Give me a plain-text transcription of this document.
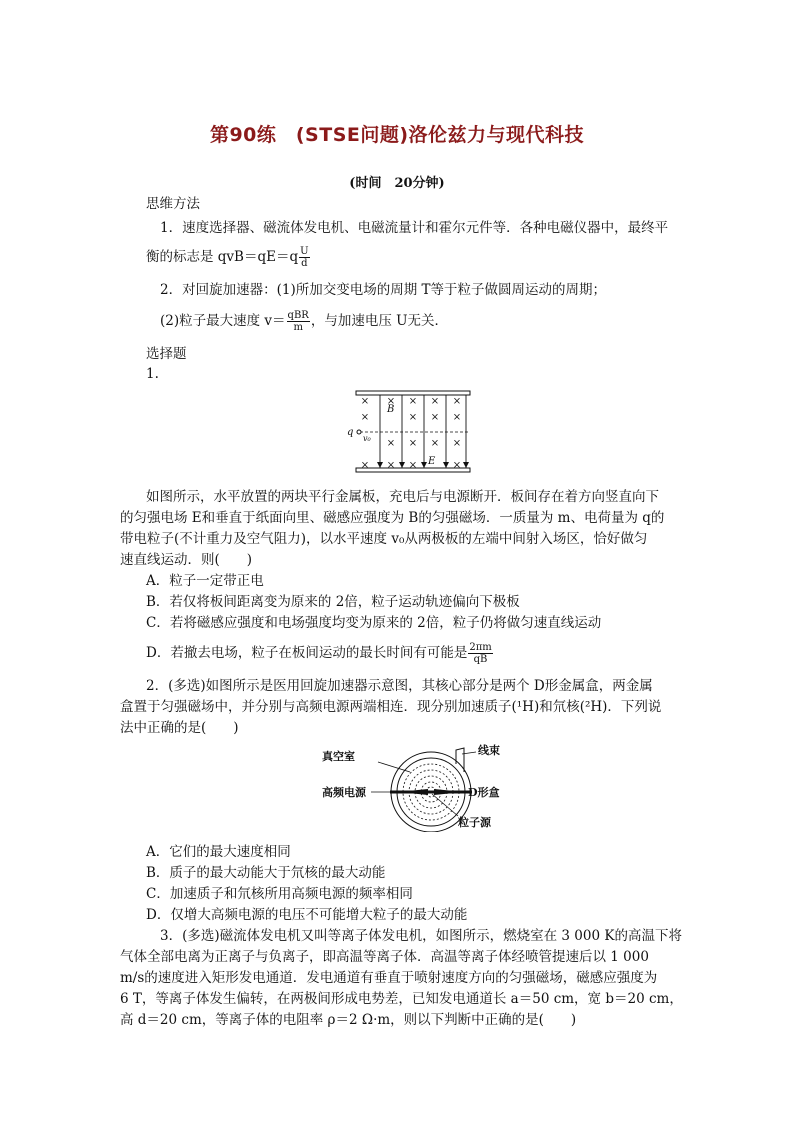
第90练　(STSE问题)洛伦兹力与现代科技
(时间　20分钟)
思维方法
1．速度选择器、磁流体发电机、电磁流量计和霍尔元件等．各种电磁仪器中，最终平
衡的标志是 $qvB=qE=q \frac{U}{d}$
2．对回旋加速器：(1)所加交变电场的周期 T等于粒子做圆周运动的周期；
(2)粒子最大速度 $v= \frac{\text{qBR}}{m}$ ，与加速电压 U无关．
选择题
1.
× × × × ×
×	× × ×
× × × ×
× × ×	×
B
q
v₀
E
如图所示，水平放置的两块平行金属板，充电后与电源断开．板间存在着方向竖直向下
的匀强电场 E和垂直于纸面向里、磁感应强度为 B的匀强磁场．一质量为 m、电荷量为 q的
带电粒子(不计重力及空气阻力)，以水平速度 v₀从两极板的左端中间射入场区，恰好做匀
速直线运动．则(　　)
A．粒子一定带正电
B．若仅将板间距离变为原来的 2倍，粒子运动轨迹偏向下极板
C．若将磁感应强度和电场强度均变为原来的 2倍，粒子仍将做匀速直线运动
D．若撤去电场，粒子在板间运动的最长时间有可能是 $\frac{2\pi m}{qB}$
2．(多选)如图所示是医用回旋加速器示意图，其核心部分是两个 D形金属盒，两金属
盒置于匀强磁场中，并分别与高频电源两端相连．现分别加速质子(¹H)和氘核(²H)．下列说
法中正确的是(　　)
真空室	线束
高频电源	D形盒
粒子源
A．它们的最大速度相同
B．质子的最大动能大于氘核的最大动能
C．加速质子和氘核所用高频电源的频率相同
D．仅增大高频电源的电压不可能增大粒子的最大动能
3．(多选)磁流体发电机又叫等离子体发电机，如图所示，燃烧室在 3 000 K的高温下将
气体全部电离为正离子与负离子，即高温等离子体．高温等离子体经喷管提速后以 1 000
m/s的速度进入矩形发电通道．发电通道有垂直于喷射速度方向的匀强磁场，磁感应强度为
6 T，等离子体发生偏转，在两极间形成电势差，已知发电通道长 a＝50 cm，宽 b＝20 cm，
高 d＝20 cm，等离子体的电阻率 ρ＝2 Ω·m，则以下判断中正确的是(　　)
